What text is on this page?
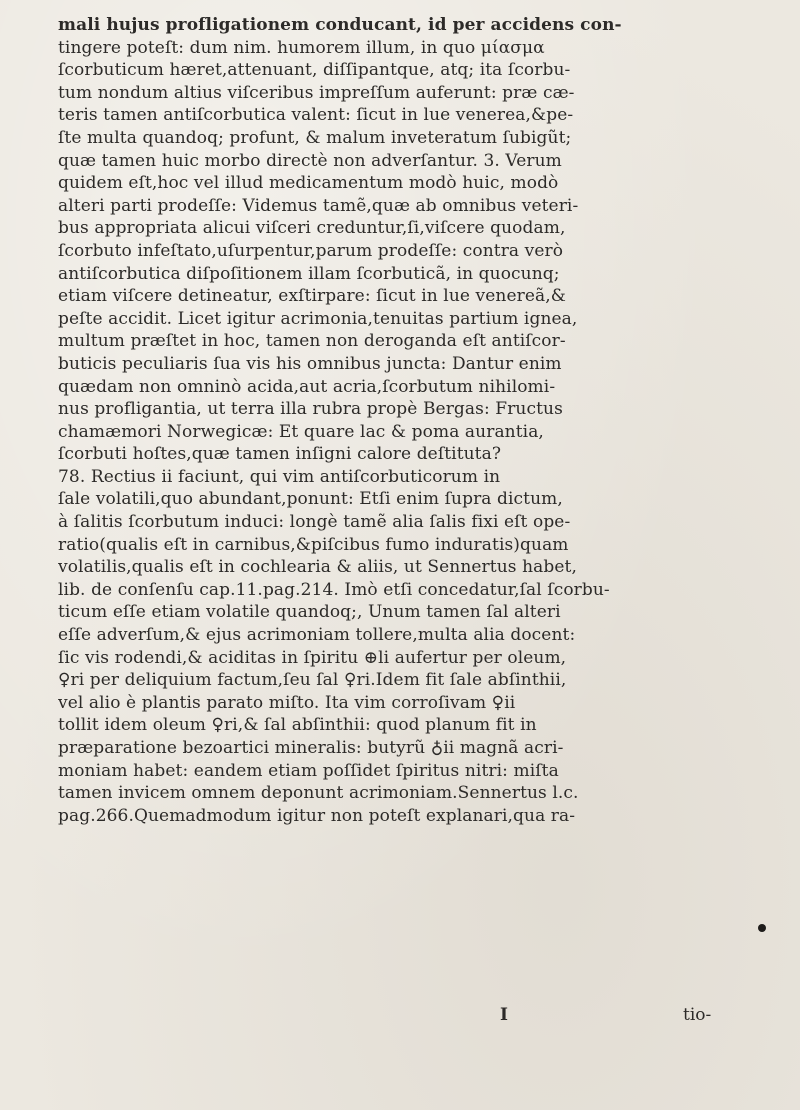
mali hujus profligationem conducant, id per accidens con-
tingere poteſt: dum nim. humorem illum, in quo μίασμα
ſcorbuticum hæret,attenuant, diſſipantque, atq; ita ſcorbu-
tum nondum altius viſceribus impreſſum auferunt: præ cæ-
teris tamen antiſcorbutica valent: ſicut in lue venerea,&pe-
ſte multa quandoq; profunt, & malum inveteratum ſubigũt;
quæ tamen huic morbo directè non adverſantur. 3. Verum
quidem eſt,hoc vel illud medicamentum modò huic, modò
alteri parti prodeſſe: Videmus tamẽ,quæ ab omnibus veteri-
bus appropriata alicui viſceri creduntur,ſi,viſcere quodam,
ſcorbuto infeſtato,uſurpentur,parum prodeſſe: contra verò
antiſcorbutica diſpoſitionem illam ſcorbuticã, in quocunq;
etiam viſcere detineatur, exſtirpare: ſicut in lue venereã,&
peſte accidit. Licet igitur acrimonia,tenuitas partium ignea,
multum præſtet in hoc, tamen non deroganda eſt antiſcor-
buticis peculiaris ſua vis his omnibus juncta: Dantur enim
quædam non omninò acida,aut acria,ſcorbutum nihilomi-
nus profligantia, ut terra illa rubra propè Bergas: Fructus
chamæmori Norwegicæ: Et quare lac & poma aurantia,
ſcorbuti hoſtes,quæ tamen inſigni calore deſtituta?
78. Rectius ii faciunt, qui vim antiſcorbuticorum in
ſale volatili,quo abundant,ponunt: Etſi enim ſupra dictum,
à ſalitis ſcorbutum induci: longè tamẽ alia ſalis fixi eſt ope-
ratio(qualis eſt in carnibus,&piſcibus fumo induratis)quam
volatilis,qualis eſt in cochlearia & aliis, ut Sennertus habet,
lib. de conſenſu cap.11.pag.214. Imò etſi concedatur,ſal ſcorbu-
ticum eſſe etiam volatile quandoq;, Unum tamen ſal alteri
eſſe adverſum,& ejus acrimoniam tollere,multa alia docent:
ſic vis rodendi,& aciditas in ſpiritu ⊕li aufertur per oleum,
♀ri per deliquium factum,ſeu ſal ♀ri.Idem fit ſale abſinthii,
vel alio è plantis parato miſto. Ita vim corroſivam ♀ii
tollit idem oleum ♀ri,& ſal abſinthii: quod planum fit in
præparatione bezoartici mineralis: butyrũ ♁ii magnã acri-
moniam habet: eandem etiam poſſidet ſpiritus nitri: miſta
tamen invicem omnem deponunt acrimoniam.Sennertus l.c.
pag.266.Quemadmodum igitur non poteſt explanari,qua ra-
I	tio-
